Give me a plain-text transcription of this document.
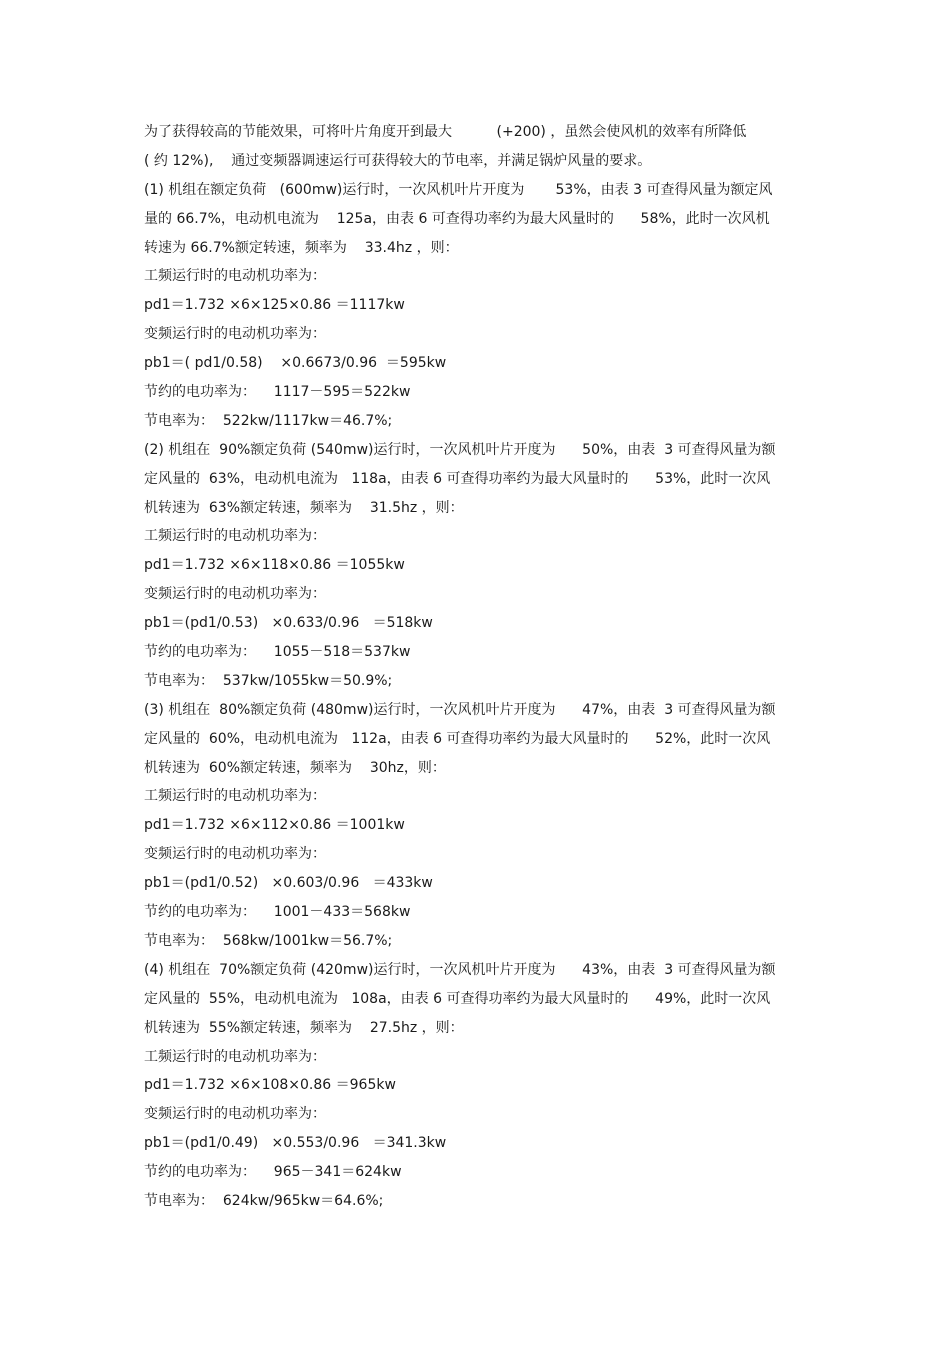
为了获得较高的节能效果，可将叶片角度开到最大          (+200) ，虽然会使风机的效率有所降低
( 约 12%),    通过变频器调速运行可获得较大的节电率，并满足锅炉风量的要求。
(1) 机组在额定负荷   (600mw)运行时，一次风机叶片开度为       53%，由表 3 可查得风量为额定风
量的 66.7%，电动机电流为    125a，由表 6 可查得功率约为最大风量时的      58%，此时一次风机
转速为 66.7%额定转速，频率为    33.4hz ，则：
工频运行时的电动机功率为：
pd1＝1.732 ×6×125×0.86 ＝1117kw
变频运行时的电动机功率为：
pb1＝( pd1/0.58)    ×0.6673/0.96  ＝595kw
节约的电功率为：    1117－595＝522kw
节电率为：  522kw/1117kw＝46.7%;
(2) 机组在  90%额定负荷 (540mw)运行时，一次风机叶片开度为      50%，由表  3 可查得风量为额
定风量的  63%，电动机电流为   118a，由表 6 可查得功率约为最大风量时的      53%，此时一次风
机转速为  63%额定转速，频率为    31.5hz ，则：
工频运行时的电动机功率为：
pd1＝1.732 ×6×118×0.86 ＝1055kw
变频运行时的电动机功率为：
pb1＝(pd1/0.53)   ×0.633/0.96   ＝518kw
节约的电功率为：    1055－518＝537kw
节电率为：  537kw/1055kw＝50.9%;
(3) 机组在  80%额定负荷 (480mw)运行时，一次风机叶片开度为      47%，由表  3 可查得风量为额
定风量的  60%，电动机电流为   112a，由表 6 可查得功率约为最大风量时的      52%，此时一次风
机转速为  60%额定转速，频率为    30hz，则：
工频运行时的电动机功率为：
pd1＝1.732 ×6×112×0.86 ＝1001kw
变频运行时的电动机功率为：
pb1＝(pd1/0.52)   ×0.603/0.96   ＝433kw
节约的电功率为：    1001－433＝568kw
节电率为：  568kw/1001kw＝56.7%;
(4) 机组在  70%额定负荷 (420mw)运行时，一次风机叶片开度为      43%，由表  3 可查得风量为额
定风量的  55%，电动机电流为   108a，由表 6 可查得功率约为最大风量时的      49%，此时一次风
机转速为  55%额定转速，频率为    27.5hz ，则：
工频运行时的电动机功率为：
pd1＝1.732 ×6×108×0.86 ＝965kw
变频运行时的电动机功率为：
pb1＝(pd1/0.49)   ×0.553/0.96   ＝341.3kw
节约的电功率为：    965－341＝624kw
节电率为：  624kw/965kw＝64.6%;
